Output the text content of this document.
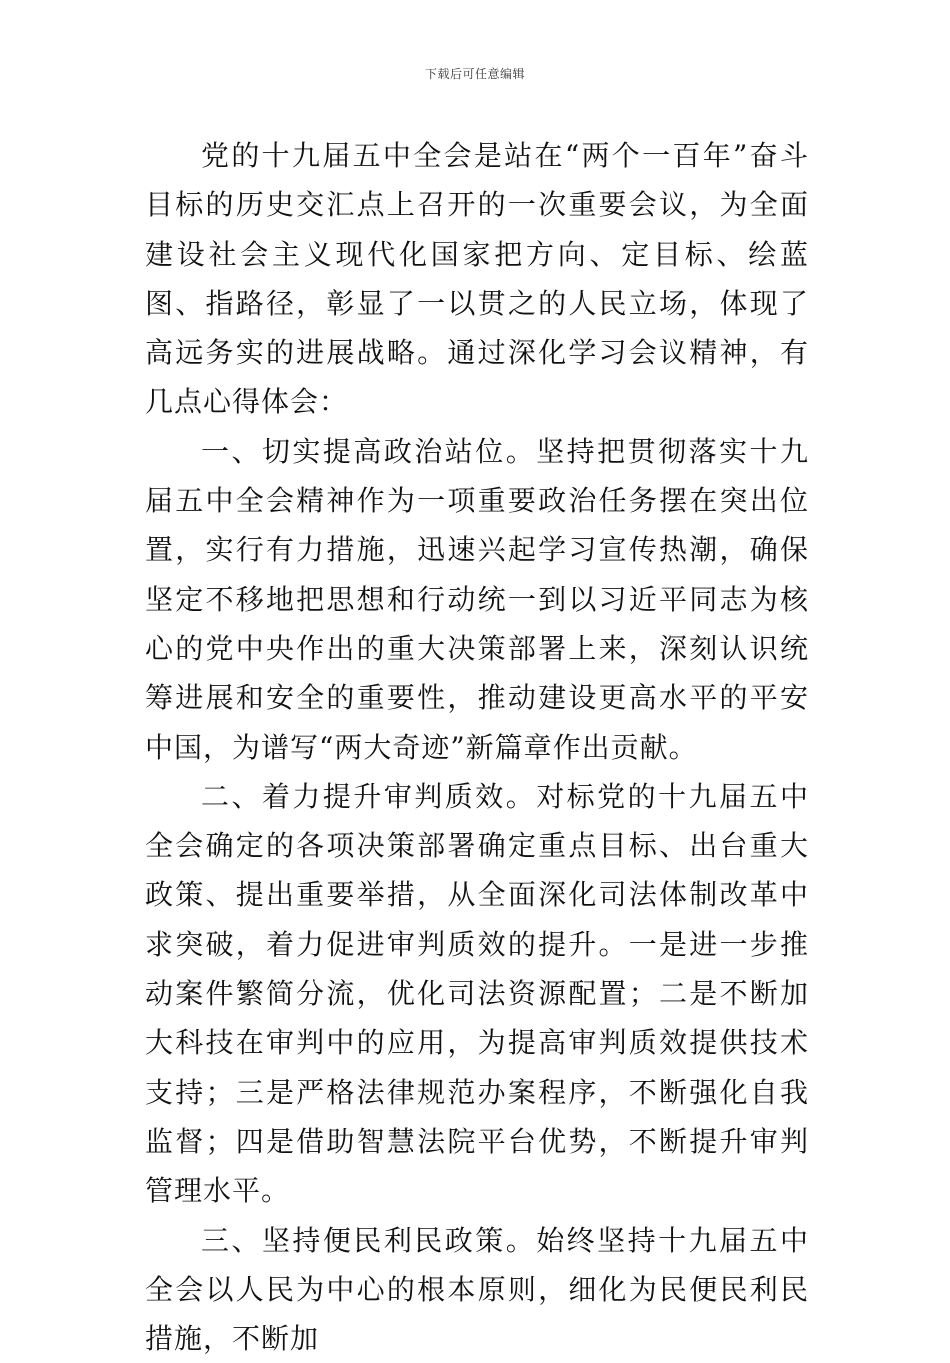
下载后可任意编辑

党的十九届五中全会是站在“两个一百年”奋斗目标的历史交汇点上召开的一次重要会议，为全面建设社会主义现代化国家把方向、定目标、绘蓝图、指路径，彰显了一以贯之的人民立场，体现了高远务实的进展战略。通过深化学习会议精神，有几点心得体会：

一、切实提高政治站位。坚持把贯彻落实十九届五中全会精神作为一项重要政治任务摆在突出位置，实行有力措施，迅速兴起学习宣传热潮，确保坚定不移地把思想和行动统一到以习近平同志为核心的党中央作出的重大决策部署上来，深刻认识统筹进展和安全的重要性，推动建设更高水平的平安中国，为谱写“两大奇迹”新篇章作出贡献。

二、着力提升审判质效。对标党的十九届五中全会确定的各项决策部署确定重点目标、出台重大政策、提出重要举措，从全面深化司法体制改革中求突破，着力促进审判质效的提升。一是进一步推动案件繁简分流，优化司法资源配置；二是不断加大科技在审判中的应用，为提高审判质效提供技术支持；三是严格法律规范办案程序，不断强化自我监督；四是借助智慧法院平台优势，不断提升审判管理水平。

三、坚持便民利民政策。始终坚持十九届五中全会以人民为中心的根本原则，细化为民便民利民措施，不断加
